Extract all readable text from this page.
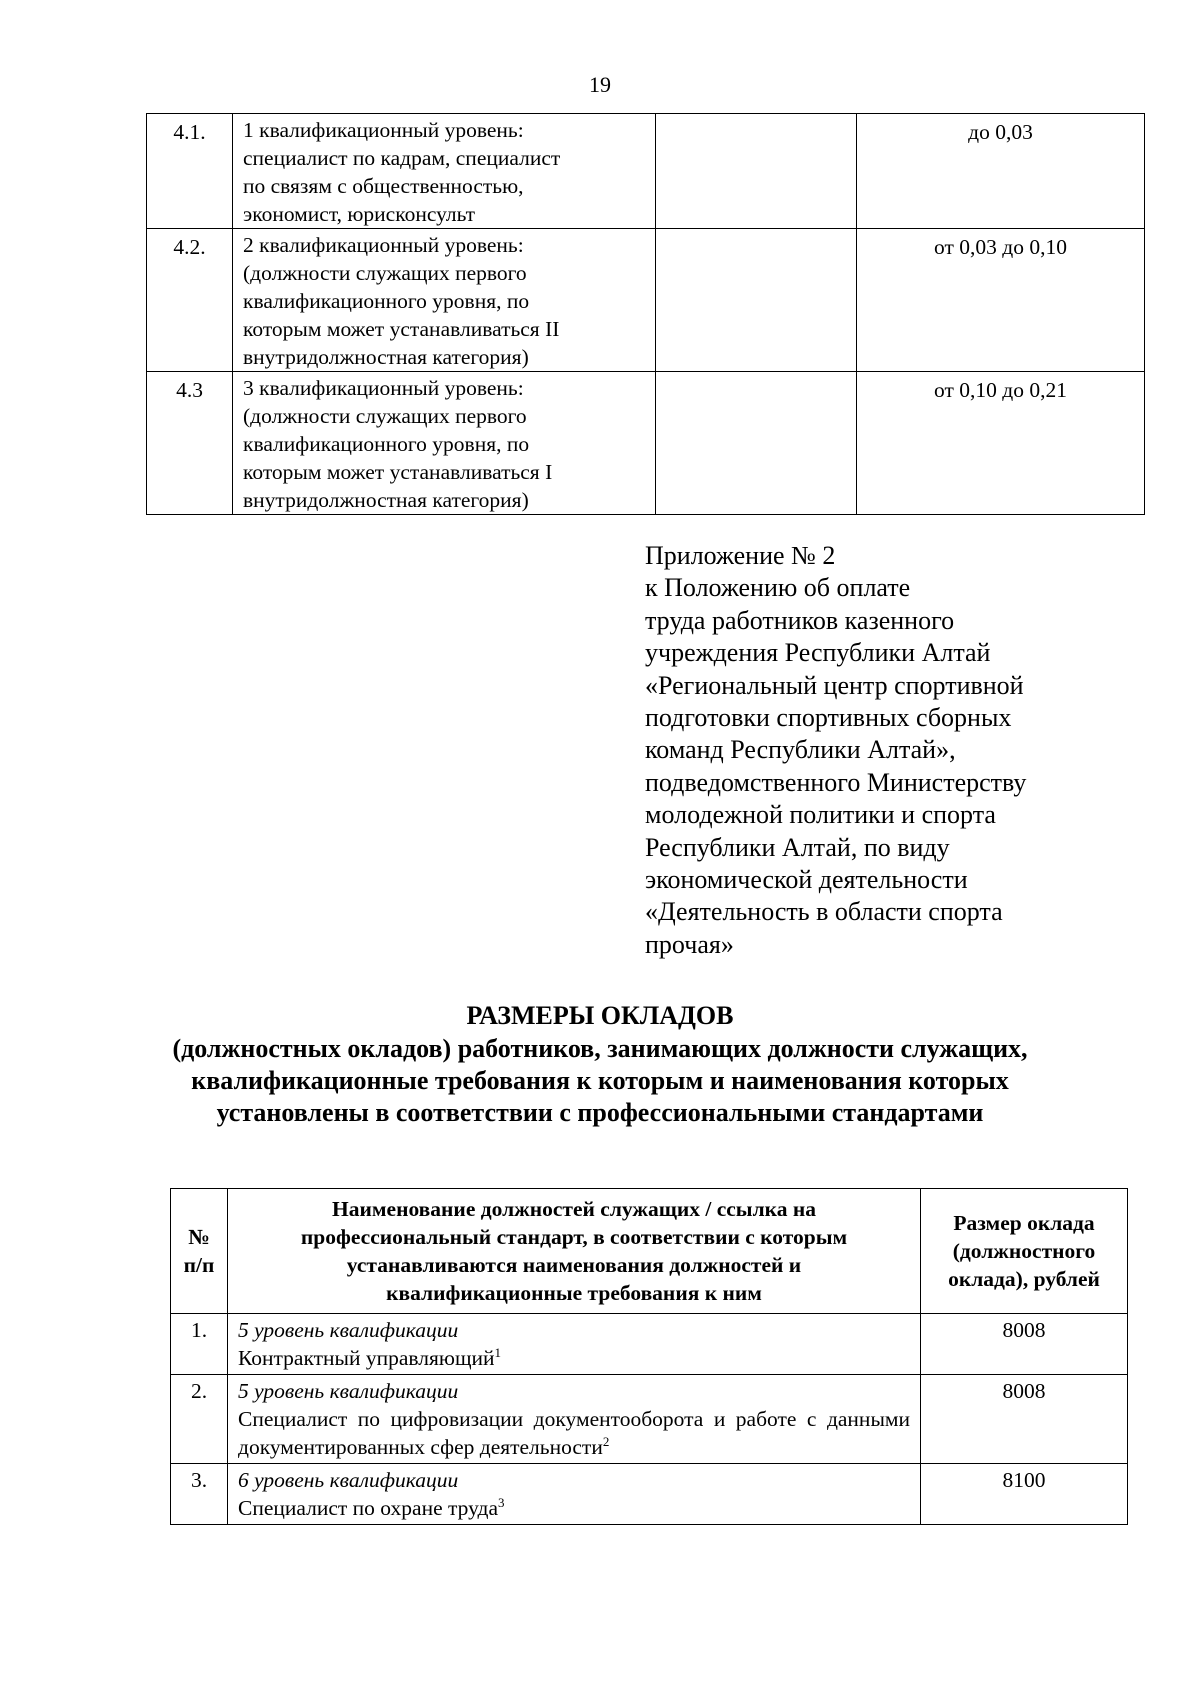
19
4.1.	1 квалификационный уровень:
специалист по кадрам, специалист
по связям с общественностью,
экономист, юрисконсульт		до 0,03
4.2.	2 квалификационный уровень:
(должности служащих первого
квалификационного уровня, по
которым может устанавливаться II
внутридолжностная категория)		от 0,03 до 0,10
4.3	3 квалификационный уровень:
(должности служащих первого
квалификационного уровня, по
которым может устанавливаться I
внутридолжностная категория)		от 0,10 до 0,21
Приложение № 2
к Положению об оплате
труда работников казенного
учреждения Республики Алтай
«Региональный центр спортивной
подготовки спортивных сборных
команд Республики Алтай»,
подведомственного Министерству
молодежной политики и спорта
Республики Алтай, по виду
экономической деятельности
«Деятельность в области спорта
прочая»
РАЗМЕРЫ ОКЛАДОВ
(должностных окладов) работников, занимающих должности служащих,
квалификационные требования к которым и наименования которых
установлены в соответствии с профессиональными стандартами
№
п/п	Наименование должностей служащих / ссылка на
профессиональный стандарт, в соответствии с которым
устанавливаются наименования должностей и
квалификационные требования к ним	Размер оклада
(должностного
оклада), рублей

1.	5 уровень квалификации
Контрактный управляющий$^1$	8008
2.	5 уровень квалификации
Специалист по цифровизации документооборота и работе с данными документированных сфер деятельности$^2$	8008
3.	6 уровень квалификации
Специалист по охране труда$^3$	8100
